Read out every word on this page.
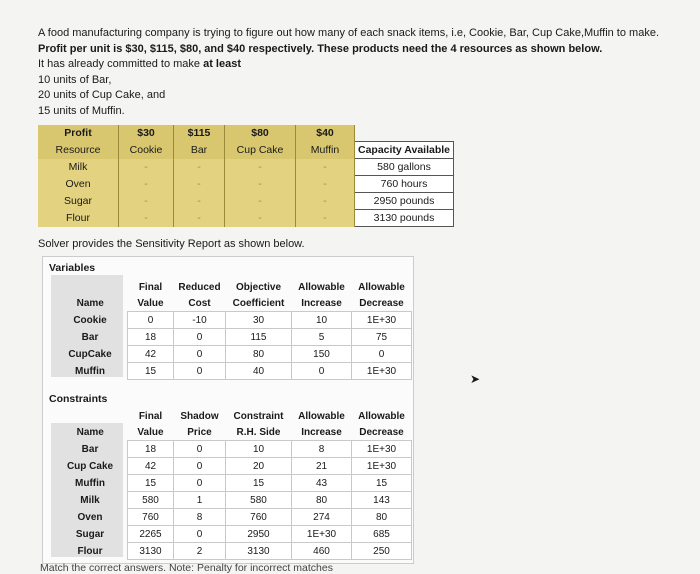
A food manufacturing company is trying to figure out how many of each snack items, i.e, Cookie, Bar, Cup Cake,Muffin to make.
Profit per unit is $30, $115, $80, and $40 respectively. These products need the 4 resources as shown below.
It has already committed to make at least
10 units of Bar,
20 units of Cup Cake, and
15 units of Muffin.
Profit	$30	$115	$80	$40	
Resource	Cookie	Bar	Cup Cake	Muffin	Capacity Available
Milk	-	-	-	-	580 gallons
Oven	-	-	-	-	760 hours
Sugar	-	-	-	-	2950 pounds
Flour	-	-	-	-	3130 pounds
Solver provides the Sensitivity Report as shown below.
Variables
	Final	Reduced	Objective	Allowable	Allowable
Name	Value	Cost	Coefficient	Increase	Decrease
Cookie	0	-10	30	10	1E+30
Bar	18	0	115	5	75
CupCake	42	0	80	150	0
Muffin	15	0	40	0	1E+30
Constraints
	Final	Shadow	Constraint	Allowable	Allowable
Name	Value	Price	R.H. Side	Increase	Decrease
Bar	18	0	10	8	1E+30
Cup Cake	42	0	20	21	1E+30
Muffin	15	0	15	43	15
Milk	580	1	580	80	143
Oven	760	8	760	274	80
Sugar	2265	0	2950	1E+30	685
Flour	3130	2	3130	460	250
➤
Match the correct answers. Note: Penalty for incorrect matches
